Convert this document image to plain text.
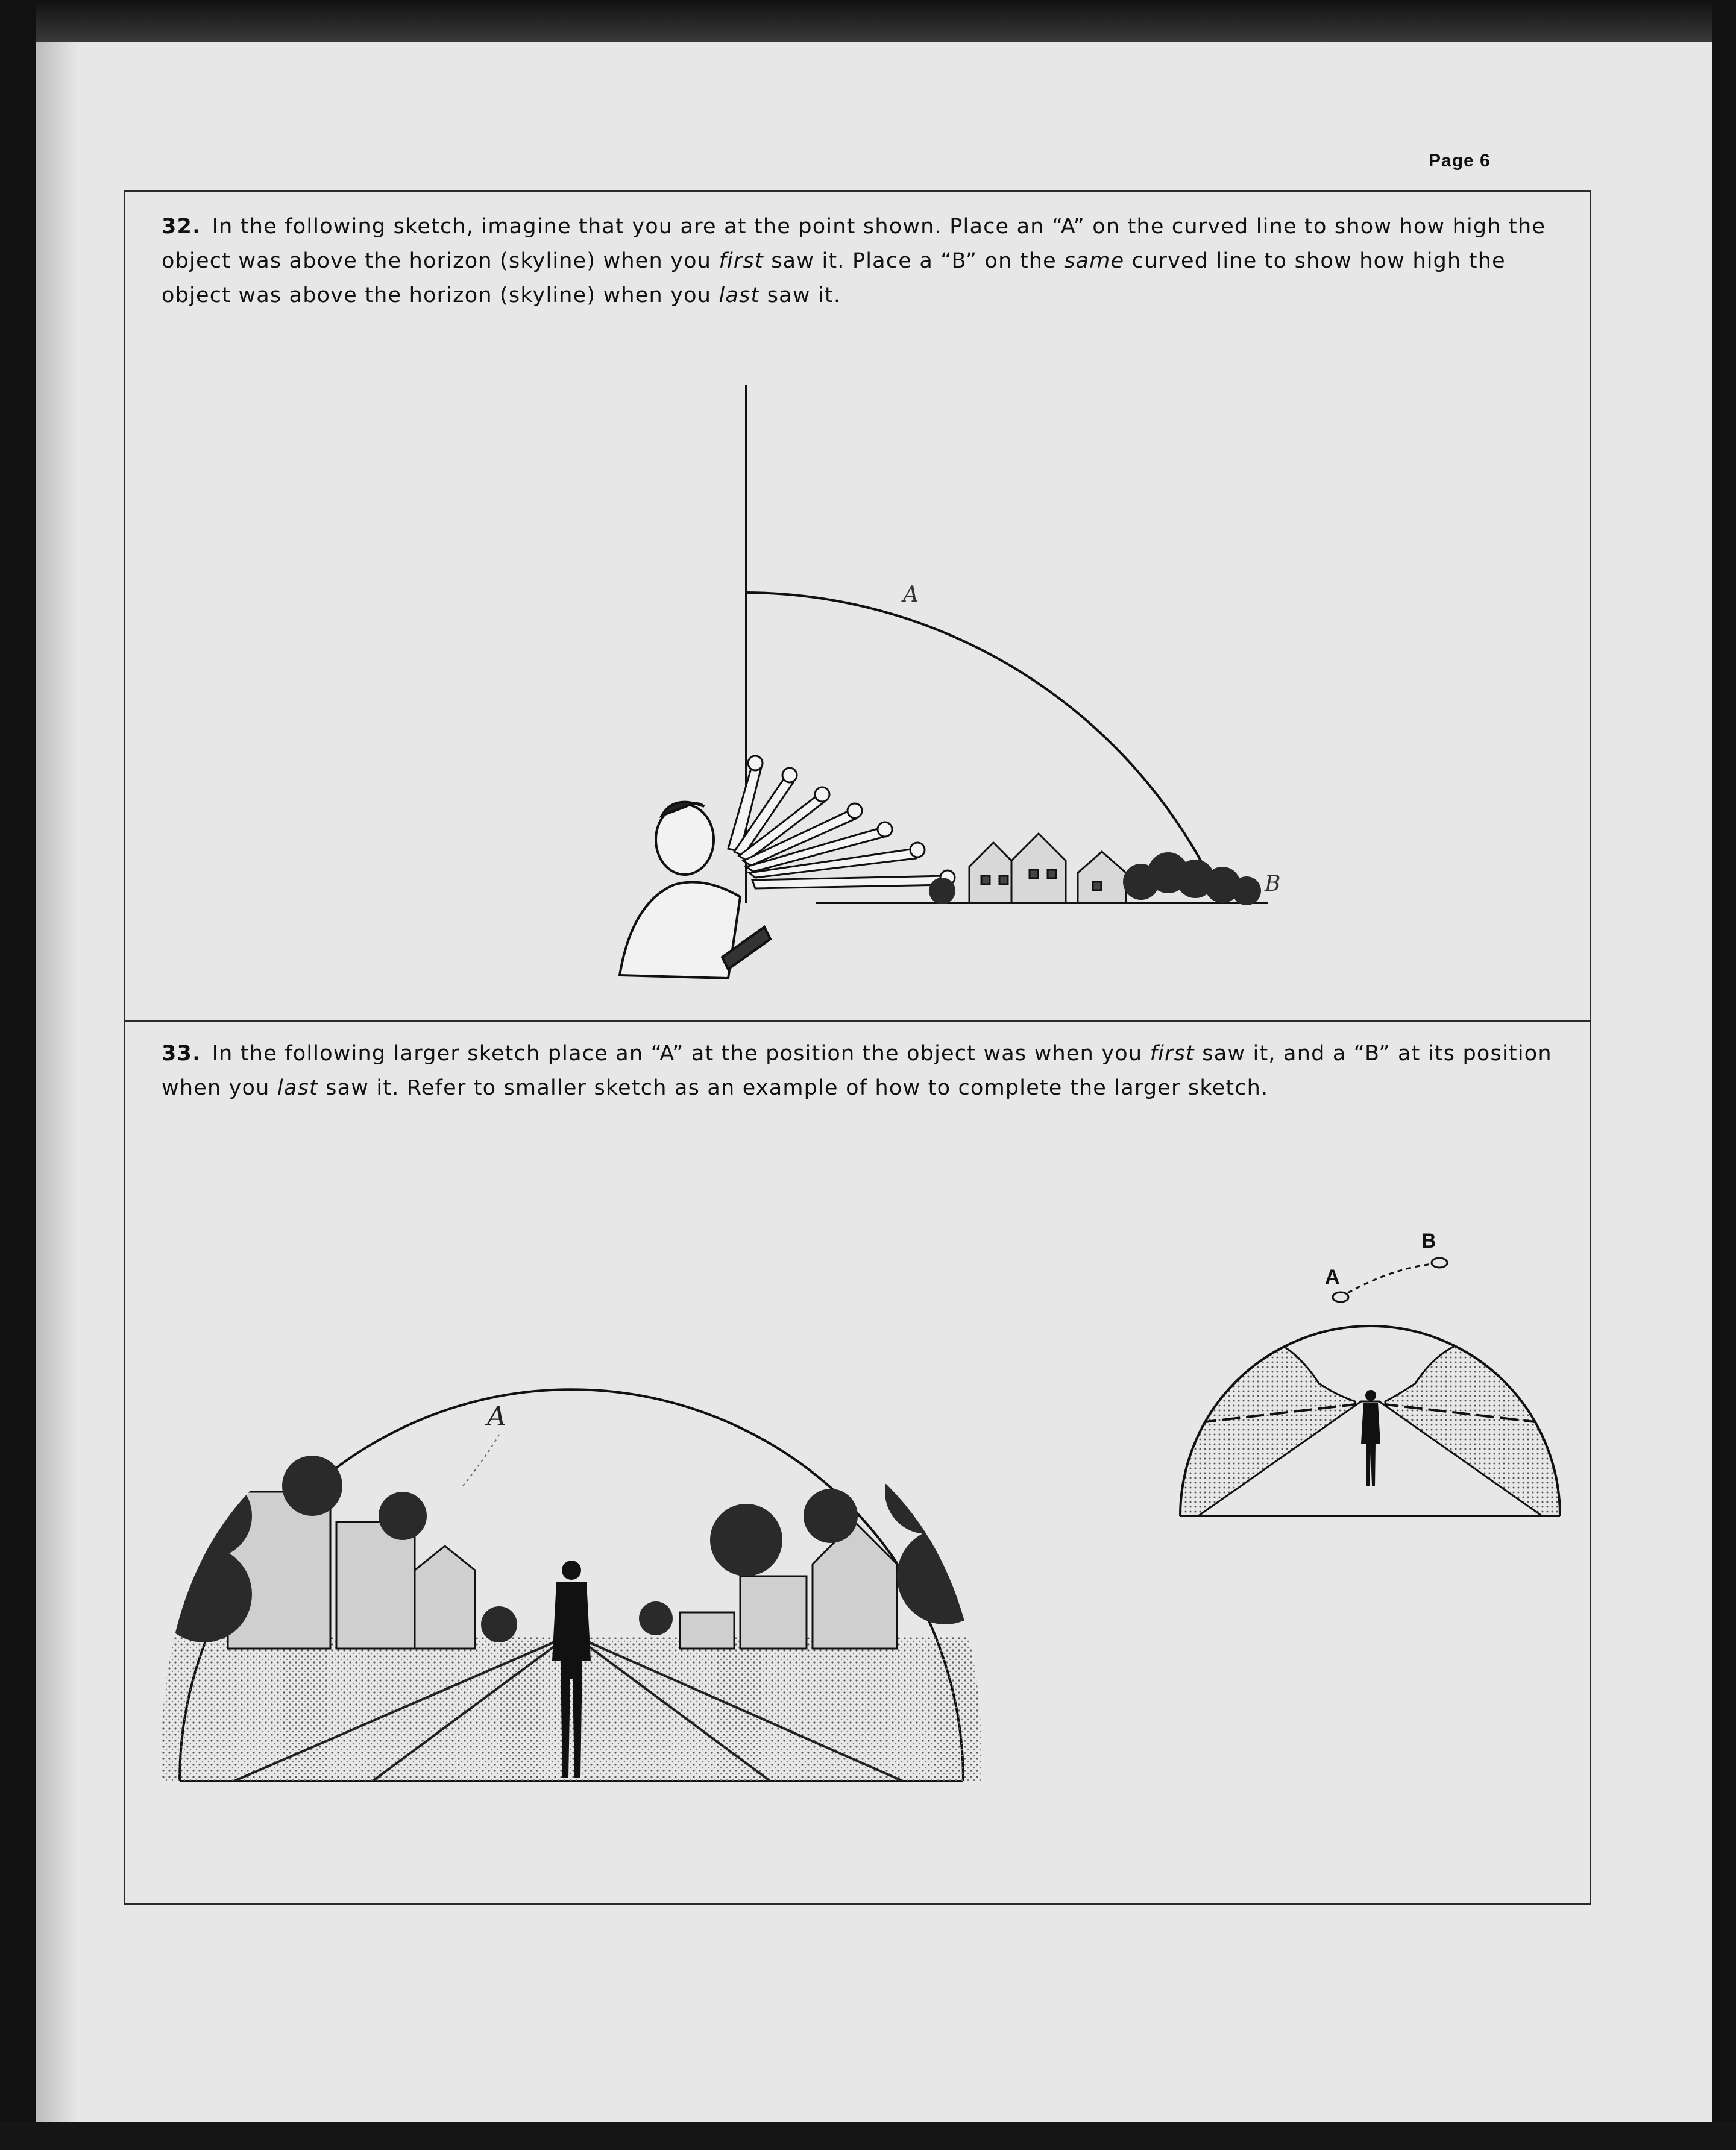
Page 6
32. In the following sketch, imagine that you are at the point shown. Place an “A” on the curved line to show how high the object was above the horizon (skyline) when you first saw it. Place a “B” on the same curved line to show how high the object was above the horizon (skyline) when you last saw it.
A
B
33. In the following larger sketch place an “A” at the position the object was when you first saw it, and a “B” at its position when you last saw it. Refer to smaller sketch as an example of how to complete the larger sketch.
A
A
B
